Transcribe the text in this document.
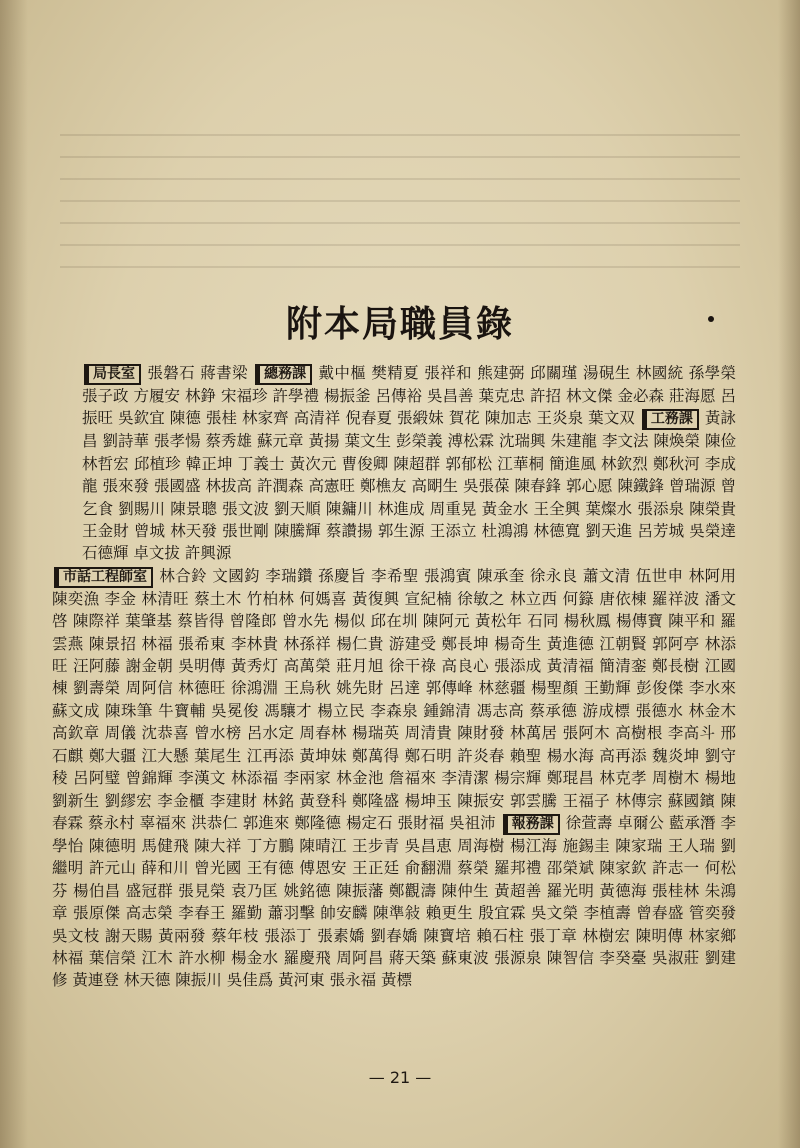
附本局職員錄

局長室 張磐石 蔣書梁 總務課 戴中樞 樊精夏 張祥和 熊建弼 邱關瑾 湯硯生 林國統 孫學榮 張子政 方履安 林錚 宋福珍 許學禮 楊振釜 呂傳裕 吳昌善 葉克忠 許招 林文傑 金必森 莊海愿 呂振旺 吳欽宜 陳德 張桂 林家齊 高清祥 倪春夏 張緞妹 賀花 陳加志 王炎泉 葉文双 工務課 黃詠昌 劉詩華 張孝愓 蔡秀雄 蘇元章 黃揚 葉文生 彭榮義 溥松霖 沈瑞興 朱建龍 李文法 陳煥榮 陳俭 林哲宏 邱植珍 韓正坤 丁義士 黃次元 曹俊卿 陳超群 郭郁松 江華桐 簡進風 林欽烈 鄭秋河 李成龍 張來發 張國盛 林拔高 許潤森 高憲旺 鄭樵友 高朙生 吳張葆 陳春鋒 郭心愿 陳鐵鋒 曾瑞源 曾乞食 劉賜川 陳景聰 張文波 劉天順 陳鏞川 林進成 周重晃 黃金水 王全興 葉燦水 張添泉 陳榮貴 王金財 曾城 林天發 張世剛 陳騰輝 蔡讚揚 郭生源 王添立 杜鴻鴻 林德寬 劉天進 呂芳城 吳榮達 石德輝 卓文拔 許興源

市話工程師室 林合鈴 文國鈞 李瑞鑽 孫慶旨 李希聖 張鴻賓 陳承奎 徐永良 蕭文清 伍世申 林阿用 陳奕漁 李金 林清旺 蔡土木 竹柏林 何媽喜 黃復興 宣紀楠 徐敏之 林立西 何籙 唐依棟 羅祥波 潘文啓 陳際祥 葉肇基 蔡皆得 曾隆郎 曾水先 楊似 邱在圳 陳阿元 黃松年 石同 楊秋鳳 楊傳寶 陳平和 羅雲燕 陳景招 林福 張希東 李林貴 林孫祥 楊仁貴 游建受 鄭長坤 楊奇生 黃進德 江朝賢 郭阿亭 林添旺 汪阿藤 謝金朝 吳明傳 黃秀灯 高萬榮 莊月旭 徐干祿 高良心 張添成 黃清福 簡清銮 鄭長樹 江國棟 劉壽榮 周阿信 林德旺 徐鴻淵 王烏秋 姚先財 呂達 郭傳峰 林慈疆 楊聖顏 王勤輝 彭俊傑 李水來 蘇文成 陳珠筆 牛寶輔 吳冕俊 馮驤才 楊立民 李森泉 鍾錦清 馮志高 蔡承德 游成標 張德水 林金木 高欽章 周儀 沈恭喜 曾水榜 呂水定 周春林 楊瑞英 周清貴 陳財發 林萬居 張阿木 高樹根 李高斗 邢石麒 鄭大疆 江大懸 葉尾生 江再添 黃坤妹 鄭萬得 鄭石明 許炎春 賴聖 楊水海 高再添 魏炎坤 劉守稜 呂阿璧 曾錦輝 李漢文 林添福 李兩家 林金池 詹福來 李清潔 楊宗輝 鄭琨昌 林克孝 周樹木 楊地 劉新生 劉繆宏 李金櫃 李建財 林銘 黃登科 鄭隆盛 楊坤玉 陳振安 郭雲騰 王福子 林傳宗 蘇國鑌 陳春霖 蔡永村 辜福來 洪恭仁 郭進來 鄭隆德 楊定石 張財福 吳祖沛 報務課 徐萱壽 卓爾公 藍承潛 李學怡 陳德明 馬健飛 陳大祥 丁方鵬 陳晴江 王步青 吳昌恵 周海樹 楊江海 施錫圭 陳家瑞 王人瑞 劉繼明 許元山 薛和川 曾光國 王有德 傅恩安 王正廷 俞翻淵 蔡榮 羅邦禮 邵榮斌 陳家欽 許志一 何松芬 楊伯昌 盛冠群 張見榮 袁乃匡 姚銘德 陳振藩 鄭觀濤 陳仲生 黃超善 羅光明 黃德海 張桂林 朱鴻章 張原傑 高志榮 李春王 羅勤 蕭羽擊 帥安麟 陳準敍 賴更生 殷宜霖 吳文榮 李植壽 曾春盛 管奕發 吳文枝 謝天賜 黃兩發 蔡年枝 張添丁 張素嬌 劉春嬌 陳寶培 賴石柱 張丁章 林樹宏 陳明傳 林家鄉 林福 葉信榮 江木 許水柳 楊金水 羅慶飛 周阿昌 蔣天築 蘇東波 張源泉 陳智信 李癸臺 吳淑莊 劉建修 黃連登 林天德 陳振川 吳佳爲 黃河東 張永福 黃標

— 21 —
